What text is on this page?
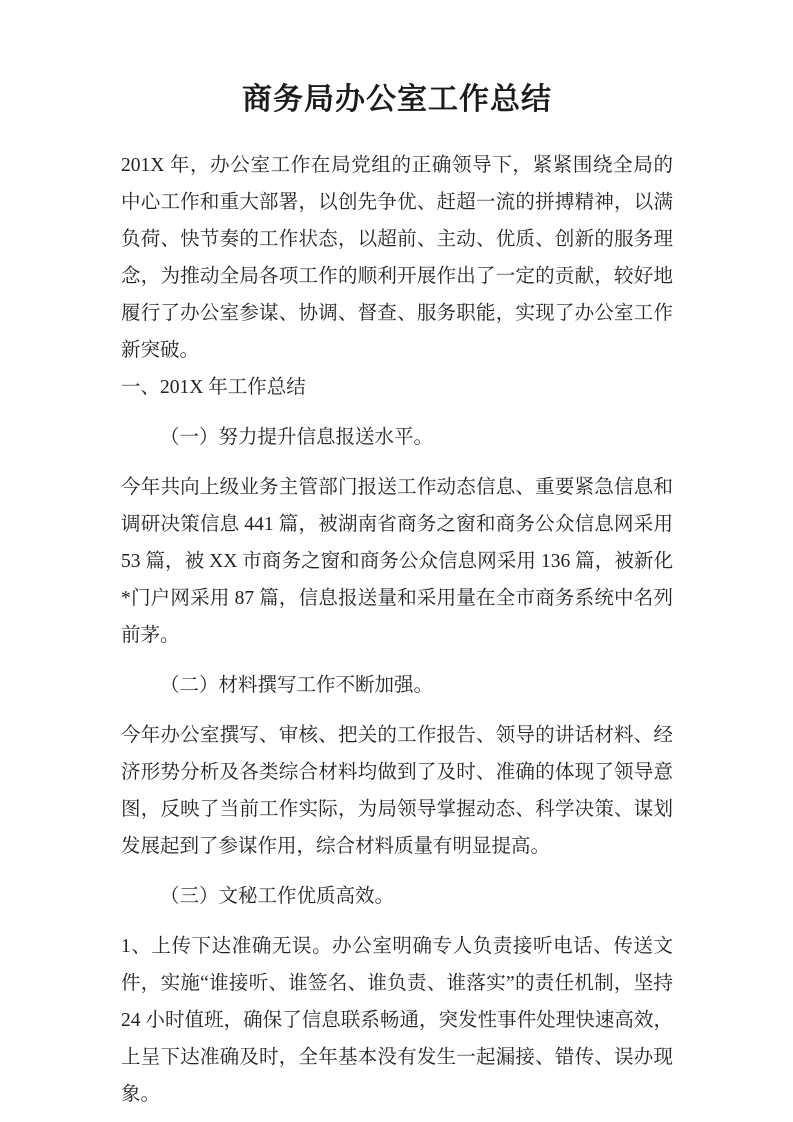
商务局办公室工作总结

201X 年，办公室工作在局党组的正确领导下，紧紧围绕全局的中心工作和重大部署，以创先争优、赶超一流的拼搏精神，以满负荷、快节奏的工作状态，以超前、主动、优质、创新的服务理念，为推动全局各项工作的顺利开展作出了一定的贡献，较好地履行了办公室参谋、协调、督查、服务职能，实现了办公室工作新突破。

一、201X 年工作总结

（一）努力提升信息报送水平。

今年共向上级业务主管部门报送工作动态信息、重要紧急信息和调研决策信息 441 篇，被湖南省商务之窗和商务公众信息网采用 53 篇，被 XX 市商务之窗和商务公众信息网采用 136 篇，被新化*门户网采用 87 篇，信息报送量和采用量在全市商务系统中名列前茅。

（二）材料撰写工作不断加强。

今年办公室撰写、审核、把关的工作报告、领导的讲话材料、经济形势分析及各类综合材料均做到了及时、准确的体现了领导意图，反映了当前工作实际，为局领导掌握动态、科学决策、谋划发展起到了参谋作用，综合材料质量有明显提高。

（三）文秘工作优质高效。

1、上传下达准确无误。办公室明确专人负责接听电话、传送文件，实施“谁接听、谁签名、谁负责、谁落实”的责任机制，坚持 24 小时值班，确保了信息联系畅通，突发性事件处理快速高效，上呈下达准确及时，全年基本没有发生一起漏接、错传、误办现象。
